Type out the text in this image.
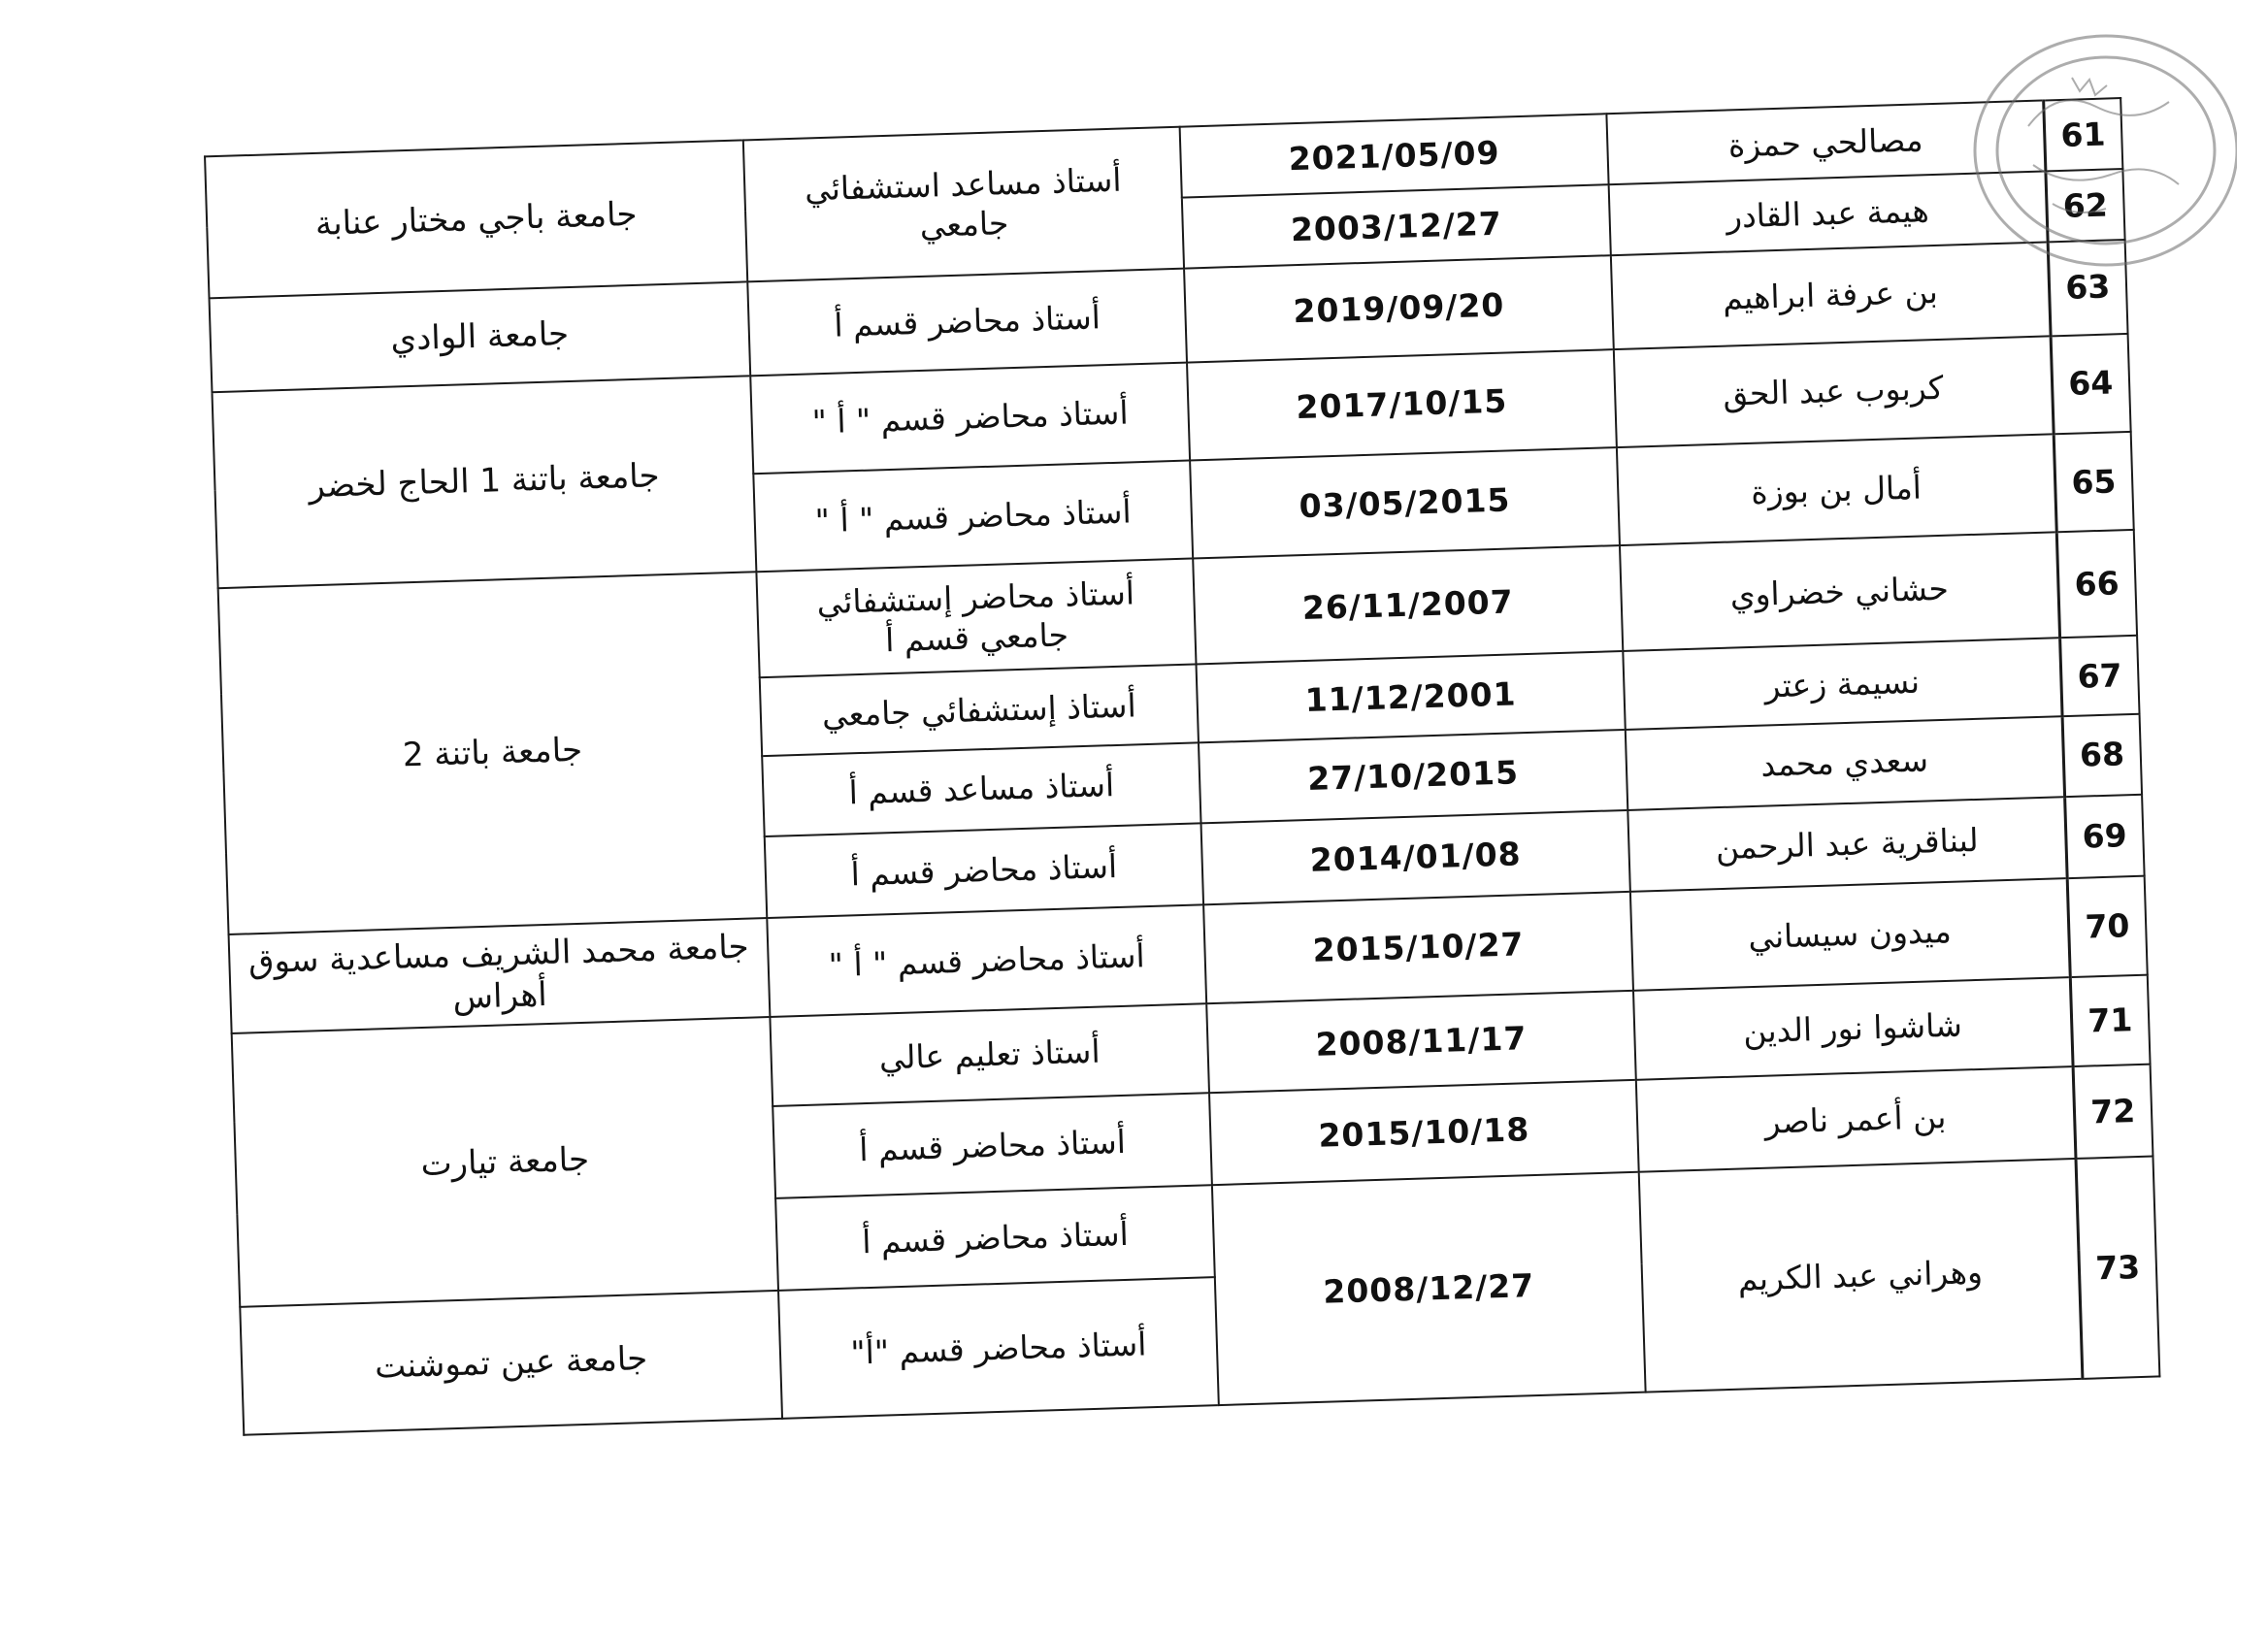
61	مصالحي حمزة	2021/05/09	أستاذ مساعد استشفائي جامعي	جامعة باجي مختار عنابة
62	هيمة عبد القادر	2003/12/27		
63	بن عرفة ابراهيم	2019/09/20	أستاذ محاضر قسم أ	جامعة الوادي
64	كربوب عبد الحق	2017/10/15	أستاذ محاضر قسم " أ "	جامعة باتنة 1 الحاج لخضر
65	أمال بن بوزة	03/05/2015	أستاذ محاضر قسم " أ "	
66	حشاني خضراوي	26/11/2007	أستاذ محاضر إستشفائي جامعي قسم أ	جامعة باتنة 2
67	نسيمة زعتر	11/12/2001	أستاذ إستشفائي جامعي	
68	سعدي محمد	27/10/2015	أستاذ مساعد قسم أ	
69	لبناقرية عبد الرحمن	2014/01/08	أستاذ محاضر قسم أ	
70	ميدون سيساني	2015/10/27	أستاذ محاضر قسم " أ "	جامعة محمد الشريف مساعدية سوق أهراس
71	شاشوا نور الدين	2008/11/17	أستاذ تعليم عالي	جامعة تيارت
72	بن أعمر ناصر	2015/10/18	أستاذ محاضر قسم أ	
73	وهراني عبد الكريم	2008/12/27	أستاذ محاضر قسم أ	
			أستاذ محاضر قسم "أ"	جامعة عين تموشنت
